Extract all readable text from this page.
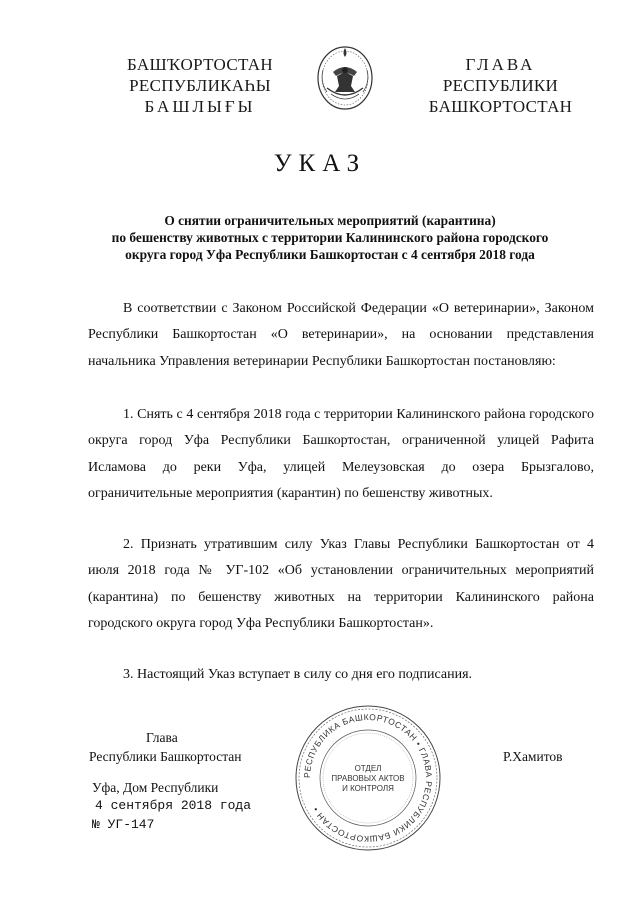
БАШҠОРТОСТАН
РЕСПУБЛИКАҺЫ
БАШЛЫҒЫ
ГЛАВА
РЕСПУБЛИКИ
БАШКОРТОСТАН
УКАЗ
О снятии ограничительных мероприятий (карантина)
по бешенству животных с территории Калининского района городского
округа город Уфа Республики Башкортостан с 4 сентября 2018 года
В соответствии с Законом Российской Федерации «О ветеринарии», Законом Республики Башкортостан «О ветеринарии», на основании представления начальника Управления ветеринарии Республики Башкортостан постановляю:
1. Снять с 4 сентября 2018 года с территории Калининского района городского округа город Уфа Республики Башкортостан, ограниченной улицей Рафита Исламова до реки Уфа, улицей Мелеузовская до озера Брызгалово, ограничительные мероприятия (карантин) по бешенству животных.
2. Признать утратившим силу Указ Главы Республики Башкортостан от 4 июля 2018 года № УГ-102 «Об установлении ограничительных мероприятий (карантина) по бешенству животных на территории Калининского района городского округа город Уфа Республики Башкортостан».
3. Настоящий Указ вступает в силу со дня его подписания.
Глава
Республики Башкортостан	Р.Хамитов
РЕСПУБЛИКА БАШКОРТОСТАН • ГЛАВА РЕСПУБЛИКИ БАШКОРТОСТАН •
ОТДЕЛ
ПРАВОВЫХ АКТОВ
И КОНТРОЛЯ
Уфа, Дом Республики
4 сентября 2018 года
№ УГ-147
